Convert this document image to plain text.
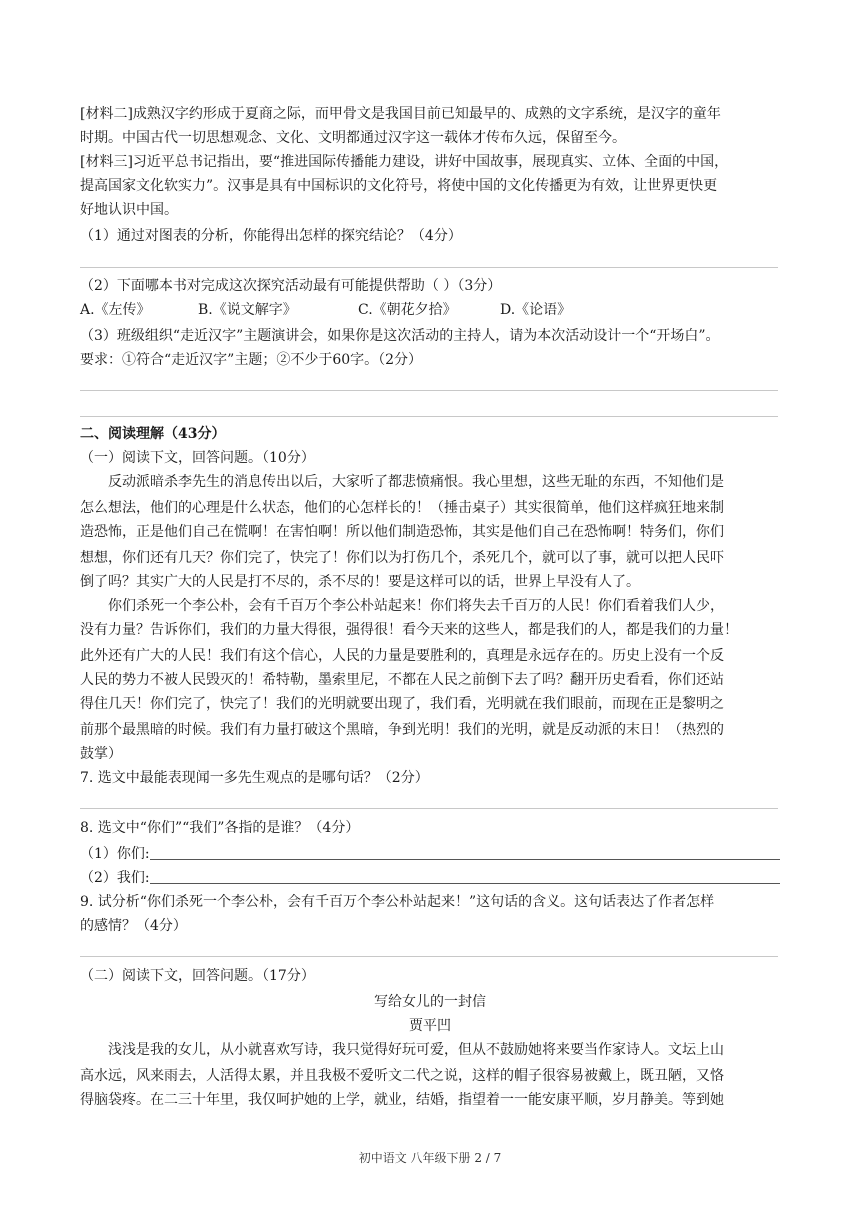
[材料二]成熟汉字约形成于夏商之际，而甲骨文是我国目前已知最早的、成熟的文字系统，是汉字的童年
时期。中国古代一切思想观念、文化、文明都通过汉字这一载体才传布久远，保留至今。
[材料三]习近平总书记指出，要“推进国际传播能力建设，讲好中国故事，展现真实、立体、全面的中国，
提高国家文化软实力”。汉事是具有中国标识的文化符号，将使中国的文化传播更为有效，让世界更快更
好地认识中国。
（1）通过对图表的分析，你能得出怎样的探究结论？（4分）
（2）下面哪本书对完成这次探究活动最有可能提供帮助（ ）（3分）
A.《左传》	B.《说文解字》	C.《朝花夕拾》	D.《论语》
（3）班级组织“走近汉字”主题演讲会，如果你是这次活动的主持人，请为本次活动设计一个“开场白”。
要求：①符合“走近汉字”主题；②不少于60字。（2分）
二、阅读理解（43分）
（一）阅读下文，回答问题。（10分）
反动派暗杀李先生的消息传出以后，大家听了都悲愤痛恨。我心里想，这些无耻的东西，不知他们是
怎么想法，他们的心理是什么状态，他们的心怎样长的！（捶击桌子）其实很简单，他们这样疯狂地来制
造恐怖，正是他们自己在慌啊！在害怕啊！所以他们制造恐怖，其实是他们自己在恐怖啊！特务们，你们
想想，你们还有几天？你们完了，快完了！你们以为打伤几个，杀死几个，就可以了事，就可以把人民吓
倒了吗？其实广大的人民是打不尽的，杀不尽的！要是这样可以的话，世界上早没有人了。
你们杀死一个李公朴，会有千百万个李公朴站起来！你们将失去千百万的人民！你们看着我们人少，
没有力量？告诉你们，我们的力量大得很，强得很！看今天来的这些人，都是我们的人，都是我们的力量！
此外还有广大的人民！我们有这个信心，人民的力量是要胜利的，真理是永远存在的。历史上没有一个反
人民的势力不被人民毁灭的！希特勒，墨索里尼，不都在人民之前倒下去了吗？翻开历史看看，你们还站
得住几天！你们完了，快完了！我们的光明就要出现了，我们看，光明就在我们眼前，而现在正是黎明之
前那个最黑暗的时候。我们有力量打破这个黑暗，争到光明！我们的光明，就是反动派的末日！（热烈的
鼓掌）
7. 选文中最能表现闻一多先生观点的是哪句话？（2分）
8. 选文中“你们”“我们”各指的是谁？（4分）
（1）你们:
（2）我们:
9. 试分析“你们杀死一个李公朴，会有千百万个李公朴站起来！”这句话的含义。这句话表达了作者怎样
的感情？（4分）
（二）阅读下文，回答问题。（17分）
写给女儿的一封信
贾平凹
浅浅是我的女儿，从小就喜欢写诗，我只觉得好玩可爱，但从不鼓励她将来要当作家诗人。文坛上山
高水远，风来雨去，人活得太累，并且我极不爱听文二代之说，这样的帽子很容易被戴上，既丑陋，又恪
得脑袋疼。在二三十年里，我仅呵护她的上学，就业，结婚，指望着一一能安康平顺，岁月静美。等到她
初中语文 八年级下册 2 / 7
